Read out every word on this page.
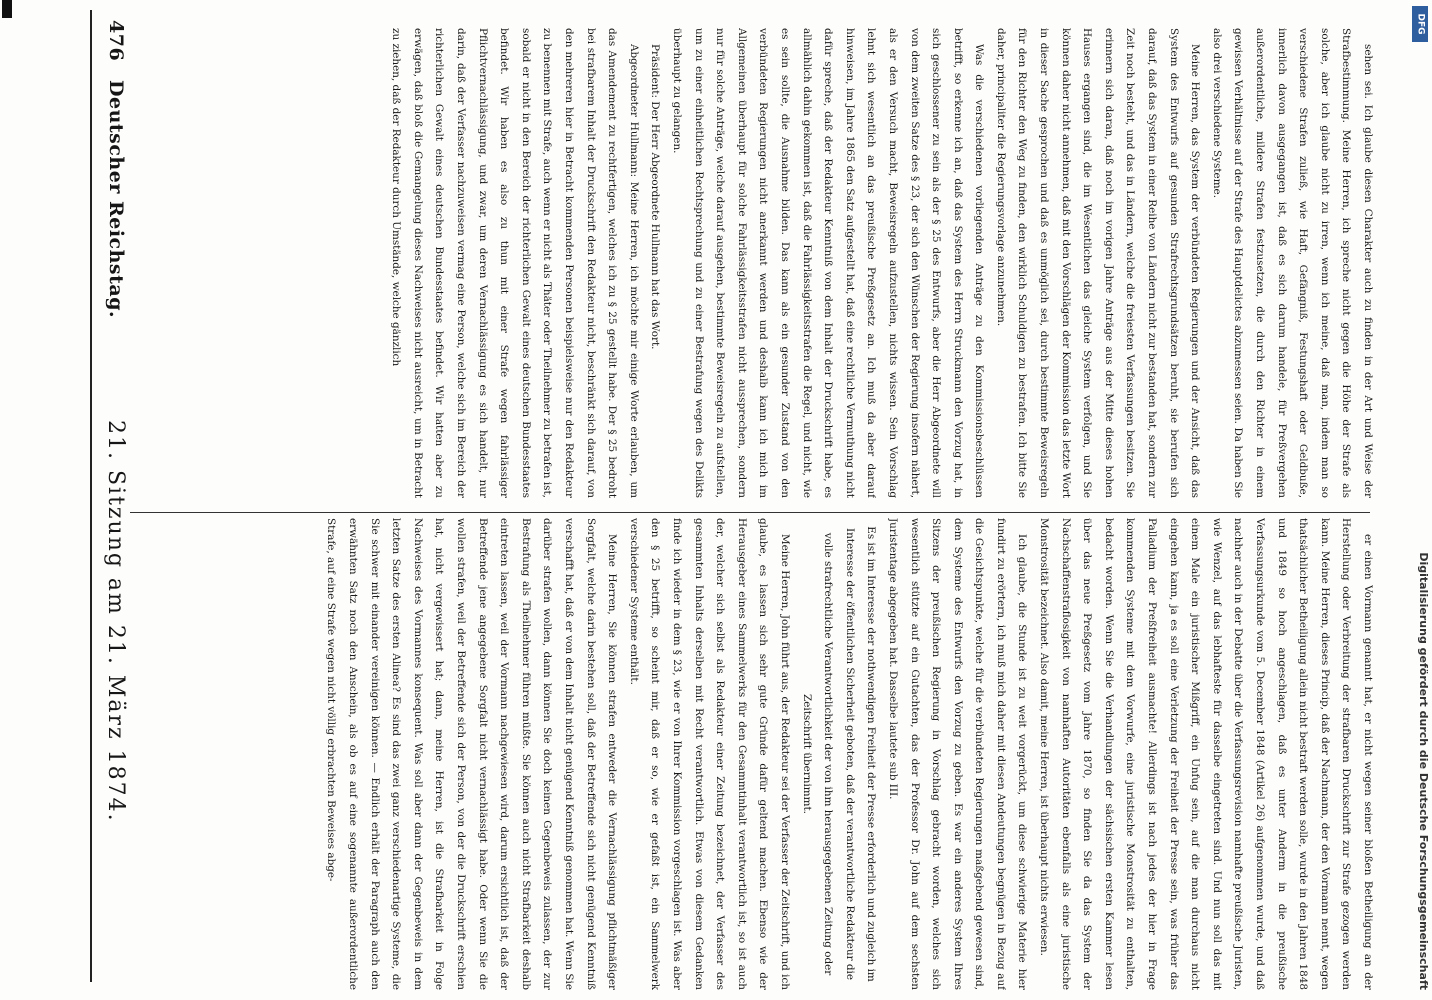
476
Deutscher Reichstag.
21. Sitzung am 21. März 1874.
DFG
Digitalisierung gefördert durch die Deutsche Forschungsgemeinschaft

sehen sei. Ich glaube diesen Charakter auch zu finden in der Art und Weise der Strafbestimmung. Meine Herren, ich spreche nicht gegen die Höhe der Strafe als solche, aber ich glaube nicht zu irren, wenn ich meine, daß man, indem man so verschiedene Strafen zuließ, wie Haft, Gefängniß, Festungshaft oder Geldbuße, innerlich davon ausgegangen ist, daß es sich darum handele, für Preßvergehen außerordentliche, mildere Strafen festzusetzen, die durch den Richter in einem gewissen Verhältnisse auf der Strafe des Hauptdelictes abzumessen seien. Da haben Sie also drei verschiedene Systeme.

Meine Herren, das System der verbündeten Regierungen und der Ansicht, daß das System des Entwurfs auf gesunden Strafrechtsgrundsätzen beruht, sie berufen sich darauf, daß das System in einer Reihe von Ländern nicht zur bestanden hat, sondern zur Zeit noch besteht, und das in Ländern, welche die freiesten Verfassungen besitzen. Sie erinnern sich daran, daß noch im vorigen Jahre Anträge aus der Mitte dieses hohen Hauses ergangen sind, die im Wesentlichen das gleiche System verfolgen, und Sie können daher nicht annehmen, daß mit den Vorschlägen der Kommission das letzte Wort in dieser Sache gesprochen und daß es unmöglich sei, durch bestimmte Beweisregeln für den Richter den Weg zu finden, den wirklich Schuldigen zu bestrafen. Ich bitte Sie daher, principaliter die Regierungsvorlage anzunehmen.

Was die verschiedenen vorliegenden Anträge zu den Kommissionsbeschlüssen betrifft, so erkenne ich an, daß das System des Herrn Struckmann den Vorzug hat, in sich geschlossener zu sein als der § 25 des Entwurfs, aber die Herr Abgeordnete will von dem zweiten Satze des § 23, der sich den Wünschen der Regierung insofern nähert, als er den Versuch macht, Beweisregeln aufzustellen, nichts wissen. Sein Vorschlag lehnt sich wesentlich an das preußische Preßgesetz an. Ich muß da aber darauf hinweisen, im Jahre 1865 den Satz aufgestellt hat, daß eine rechtliche Vermuthung nicht dafür spreche, daß der Redakteur Kenntniß von dem Inhalt der Druckschrift habe, es allmählich dahin gekommen ist, daß die Fahrlässigkeitsstrafen die Regel, und nicht, wie es sein sollte, die Ausnahme bilden. Das kann als ein gesunder Zustand von den verbündeten Regierungen nicht anerkannt werden und deshalb kann ich mich im Allgemeinen überhaupt für solche Fahrlässigkeitsstrafen nicht aussprechen, sondern nur für solche Anträge, welche darauf ausgehen, bestimmte Beweisregeln zu aufstellen, um zu einer einheitlichen Rechtsprechung und zu einer Bestrafung wegen des Delikts überhaupt zu gelangen.

Präsident: Der Herr Abgeordnete Hullmann hat das Wort.

Abgeordneter Hullmann: Meine Herren, ich möchte mir einige Worte erlauben, um das Amendement zu rechtfertigen, welches ich zu § 25 gestellt habe. Der § 25 bedroht bei strafbarem Inhalt der Druckschrift den Redakteur nicht, beschränkt sich darauf, von den mehreren hier in Betracht kommenden Personen beispielsweise nur den Redakteur zu benennen mit Strafe, auch wenn er nicht als Thäter oder Theilnehmer zu betrafen ist, sobald er nicht in den Bereich der richterlichen Gewalt eines deutschen Bundesstaates befindet. Wir haben es also zu thun mit einer Strafe wegen fahrlässiger Pflichtvernachlässigung, und zwar, um deren Vernachlässigung es sich handelt, nur darin, daß der Verfasser nachzuweisen vermag eine Person, welche sich im Bereich der richterlichen Gewalt eines deutschen Bundesstaates befindet. Wir hatten aber zu erwägen, daß bloß die Gemangelung dieses Nachweises nicht ausreicht, um in Betracht zu ziehen, daß der Redakteur durch Umstände, welche gänzlich

er einen Vormann genannt hat, er nicht wegen seiner bloßen Betheiligung an der Herstellung oder Verbreitung der strafbaren Druckschrift zur Strafe gezogen werden kann. Meine Herren, dieses Princip, daß der Nachmann, der den Vormann nennt, wegen thatsächlicher Betheiligung allein nicht bestraft werden solle, wurde in den Jahren 1848 und 1849 so hoch angeschlagen, daß es unter Anderm in die preußische Verfassungsurkunde vom 5. December 1848 (Artikel 26) aufgenommen wurde, und daß nachher auch in der Debatte über die Verfassungsrevision namhafte preußische Juristen, wie Wenzel, auf das lebhafteste für dasselbe eingetreten sind. Und nun soll das mit einem Male ein juristischer Mißgriff, ein Unfug sein, auf die man durchaus nicht eingehen kann, ja es soll eine Verletzung der Freiheit der Presse sein, was früher das Palladium der Preßfreiheit ausmachte! Allerdings ist nach jedes der hier in Frage kommenden Systeme mit dem Vorwurfe, eine juristische Monstrosität zu enthalten, bedacht worden. Wenn Sie die Verhandlungen der sächsischen ersten Kammer lesen über das neue Preßgesetz vom Jahre 1870, so finden Sie da das System der Nachschaffenstraflosigkeit von namhaften Autoritäten ebenfalls als eine juristische Monstrosität bezeichnet. Also damit, meine Herren, ist überhaupt nichts erwiesen.

Ich glaube, die Stunde ist zu weit vorgerückt, um diese schwierige Materie hier fundirt zu erörtern, ich muß mich daher mit diesen Andeutungen begnügen in Bezug auf die Gesichtspunkte, welche für die verbündeten Regierungen maßgebend gewesen sind, dem Systeme des Entwurfs den Vorzug zu geben. Es war ein anderes System Ihres Sitzens der preußischen Regierung in Vorschlag gebracht worden, welches sich wesentlich stützte auf ein Gutachten, das der Professor Dr. John auf dem sechsten Juristentage abgegeben hat. Dasselbe lautete sub III.

Es ist im Interesse der nothwendigen Freiheit der Presse erforderlich und zugleich im Interesse der öffentlichen Sicherheit geboten, daß der verantwortliche Redakteur die volle strafrechtliche Verantwortlichkeit der von ihm herausgegebenen Zeitung oder Zeitschrift übernimmt.

Meine Herren, John führt aus, der Redakteur sei der Verfasser der Zeitschrift, und ich glaube, es lassen sich sehr gute Gründe dafür geltend machen. Ebenso wie der Herausgeber eines Sammelwerks für den Gesammtinhalt verantwortlich ist, so ist auch der, welcher sich selbst als Redakteur einer Zeitung bezeichnet, der Verfasser des gesammten Inhalts derselben mit Recht verantwortlich. Etwas von diesem Gedanken finde ich wieder in dem § 23, wie er von Ihrer Kommission vorgeschlagen ist. Was aber den § 25 betrifft, so scheint mir, daß er so, wie er gefaßt ist, ein Sammelwerk verschiedener Systeme enthält.

Meine Herren, Sie können strafen entweder die Vernachlässigung pflichtmäßiger Sorgfalt, welche darin bestehen soll, daß der Betreffende sich nicht genügend Kenntniß verschafft hat, daß er von dem Inhalt nicht genügend Kenntniß genommen hat. Wenn Sie darüber strafen wollen, dann können Sie doch keinen Gegenbeweis zulassen, der zur Bestrafung als Theilnehmer führen müßte. Sie können auch nicht Strafbarkeit deshalb eintreten lassen, weil der Vormann nachgewiesen wird, darum ersichtlich ist, daß der Betreffende jene angegebene Sorgfalt nicht vernachlässigt habe. Oder wenn Sie die wollen strafen, weil der Betreffende sich der Person, von der die Druckschrift erschien hat, nicht vergewissert hat; dann, meine Herren, ist die Strafbarkeit in Folge Nachweises des Vormannes konsequent. Was soll aber dann der Gegenbeweis in dem letzten Satze des ersten Alinea? Es sind das zwei ganz verschiedenartige Systeme, die Sie schwer mit einander vereinigen können. — Endlich erhält der Paragraph auch den erwähnten Satz noch den Anschein, als ob es auf eine sogenannte außerordentliche Strafe, auf eine Strafe wegen nicht völlig erbrachten Beweises abge-
